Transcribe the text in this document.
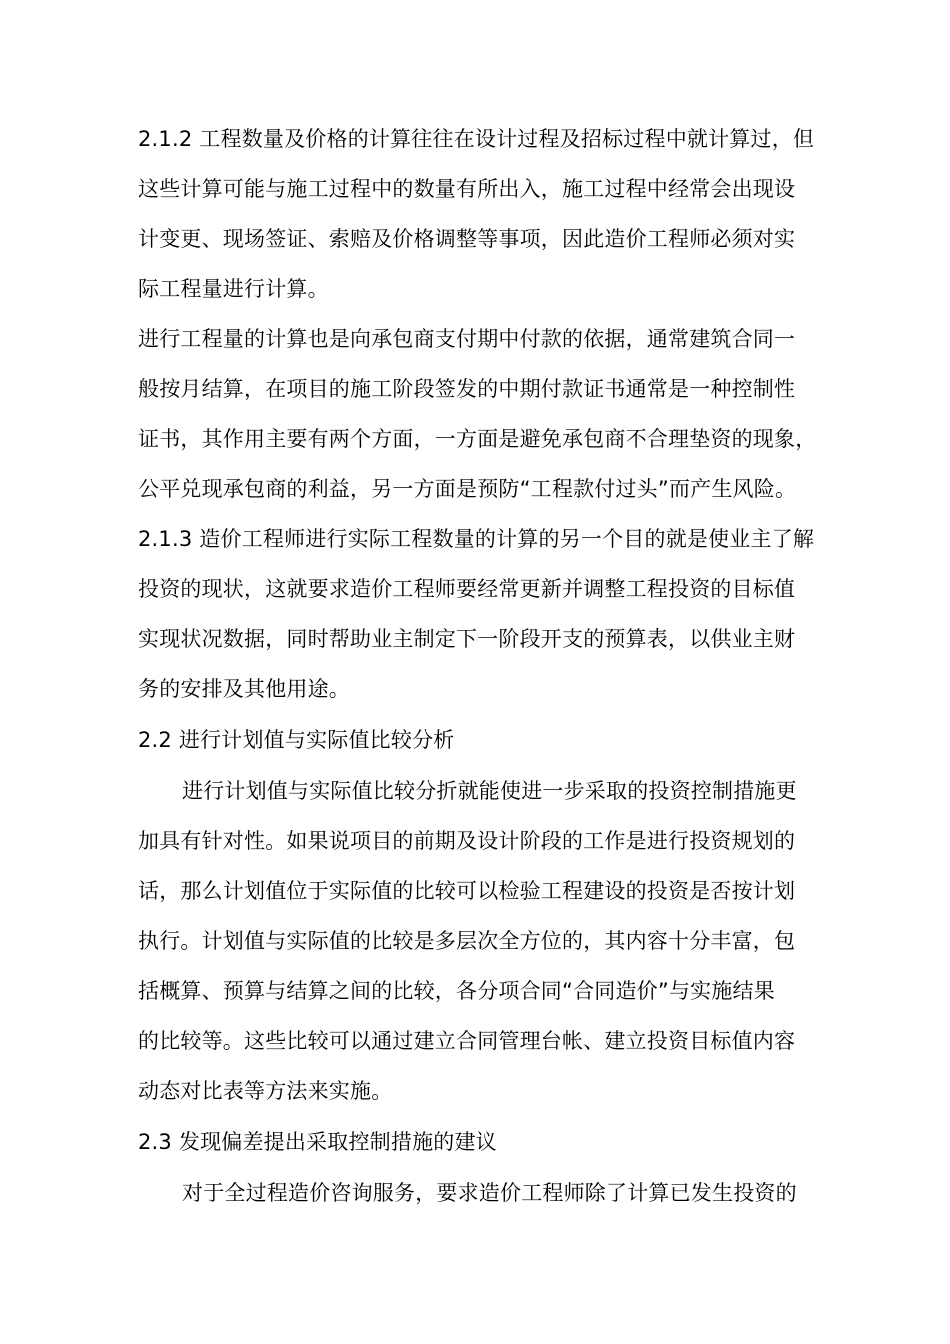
2.1.2 工程数量及价格的计算往往在设计过程及招标过程中就计算过，但
这些计算可能与施工过程中的数量有所出入，施工过程中经常会出现设
计变更、现场签证、索赔及价格调整等事项，因此造价工程师必须对实
际工程量进行计算。
进行工程量的计算也是向承包商支付期中付款的依据，通常建筑合同一
般按月结算，在项目的施工阶段签发的中期付款证书通常是一种控制性
证书，其作用主要有两个方面，一方面是避免承包商不合理垫资的现象，
公平兑现承包商的利益，另一方面是预防“工程款付过头”而产生风险。
2.1.3 造价工程师进行实际工程数量的计算的另一个目的就是使业主了解
投资的现状，这就要求造价工程师要经常更新并调整工程投资的目标值
实现状况数据，同时帮助业主制定下一阶段开支的预算表，以供业主财
务的安排及其他用途。
2.2 进行计划值与实际值比较分析
进行计划值与实际值比较分折就能使进一步采取的投资控制措施更
加具有针对性。如果说项目的前期及设计阶段的工作是进行投资规划的
话，那么计划值位于实际值的比较可以检验工程建设的投资是否按计划
执行。计划值与实际值的比较是多层次全方位的，其内容十分丰富，包
括概算、预算与结算之间的比较，各分项合同“合同造价”与实施结果
的比较等。这些比较可以通过建立合同管理台帐、建立投资目标值内容
动态对比表等方法来实施。
2.3 发现偏差提出采取控制措施的建议
对于全过程造价咨询服务，要求造价工程师除了计算已发生投资的
